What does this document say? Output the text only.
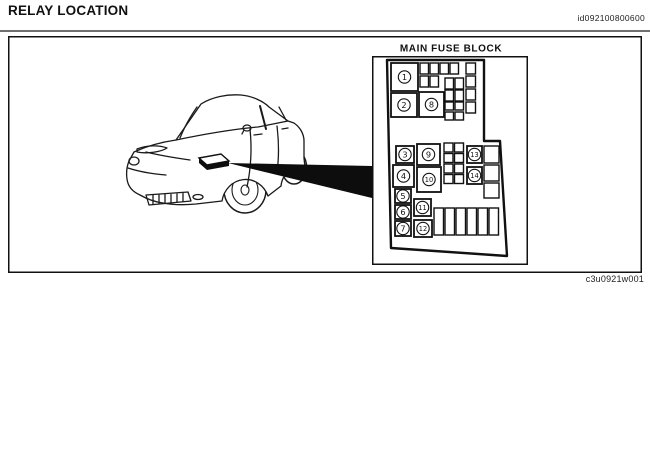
RELAY LOCATION	id092100800600
MAIN FUSE BLOCK
1
2	8
3 9
4	10
5
6
7
11
12
13
14
c3u0921w001
